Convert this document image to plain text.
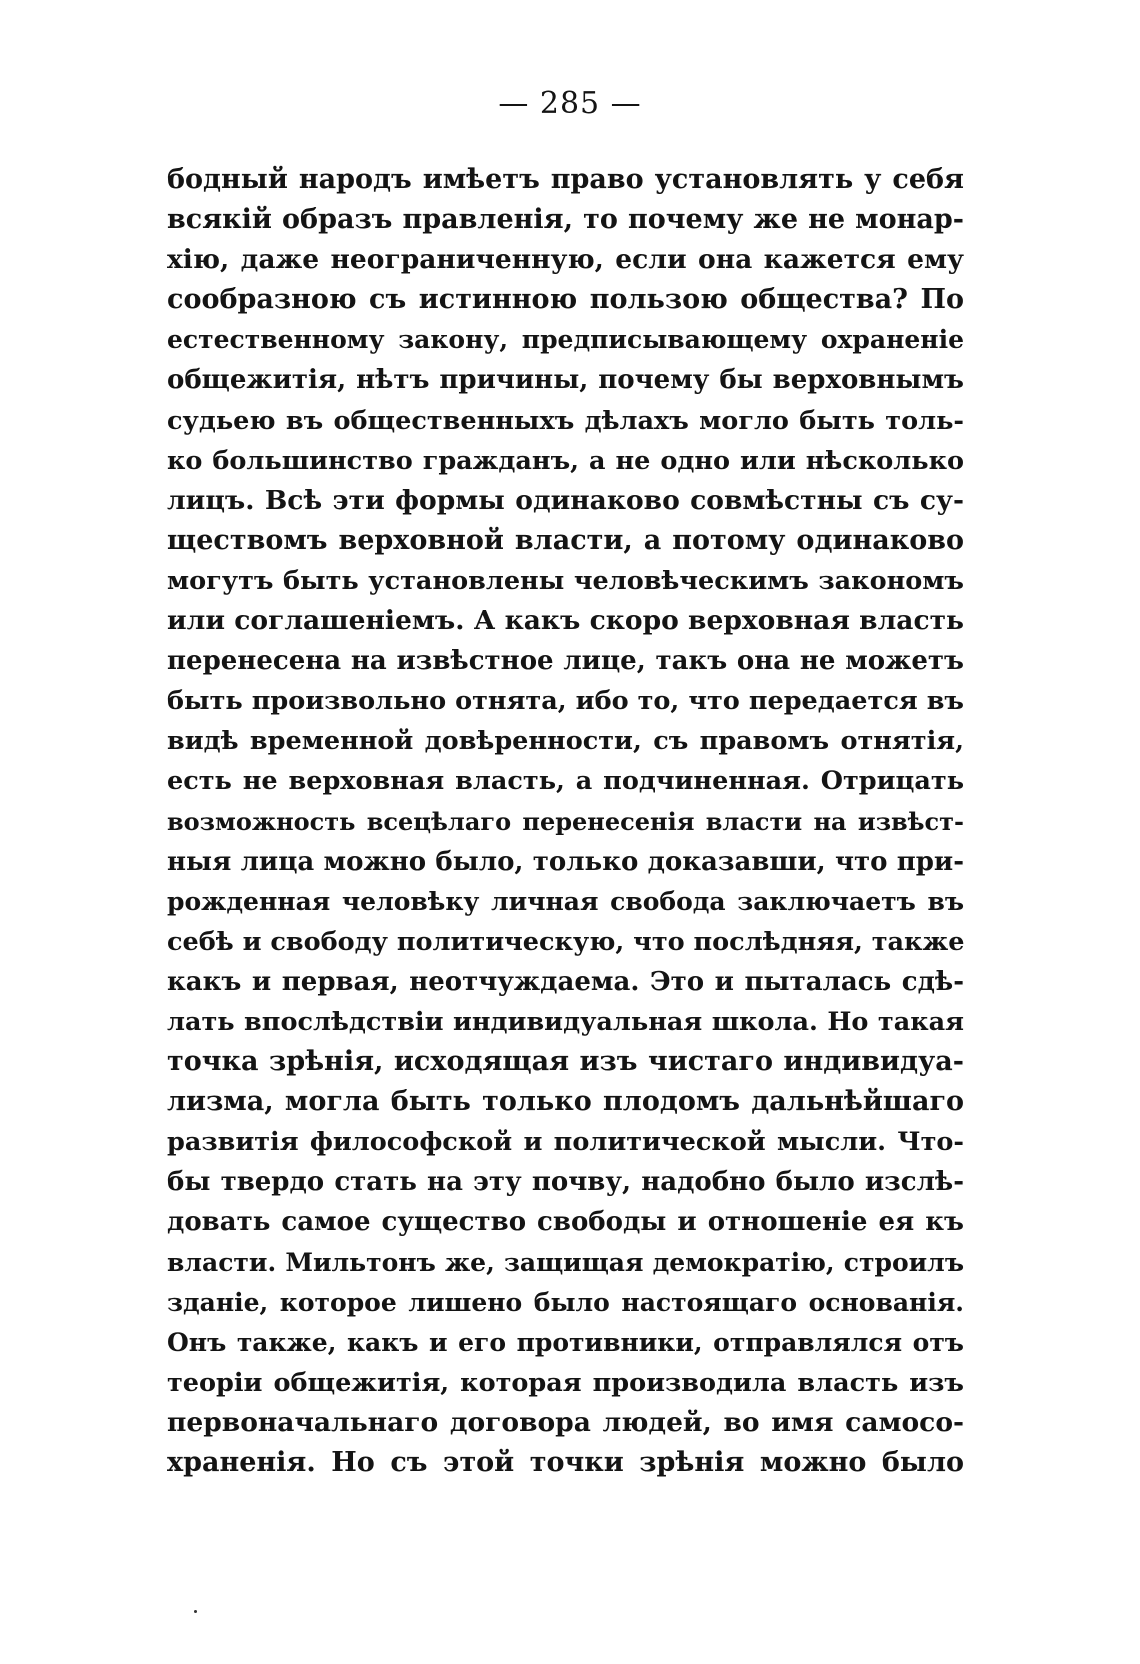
— 285 —
бодный народъ имѣетъ право установлять у себя
всякій образъ правленія, то почему же не монар-
хію, даже неограниченную, если она кажется ему
сообразною съ истинною пользою общества? По
естественному закону, предписывающему охраненіе
общежитія, нѣтъ причины, почему бы верховнымъ
судьею въ общественныхъ дѣлахъ могло быть толь-
ко большинство гражданъ, а не одно или нѣсколько
лицъ. Всѣ эти формы одинаково совмѣстны съ су-
ществомъ верховной власти, а потому одинаково
могутъ быть установлены человѣческимъ закономъ
или соглашеніемъ. А какъ скоро верховная власть
перенесена на извѣстное лице, такъ она не можетъ
быть произвольно отнята, ибо то, что передается въ
видѣ временной довѣренности, съ правомъ отнятія,
есть не верховная власть, а подчиненная. Отрицать
возможность всецѣлаго перенесенія власти на извѣст-
ныя лица можно было, только доказавши, что при-
рожденная человѣку личная свобода заключаетъ въ
себѣ и свободу политическую, что послѣдняя, также
какъ и первая, неотчуждаема. Это и пыталась сдѣ-
лать впослѣдствіи индивидуальная школа. Но такая
точка зрѣнія, исходящая изъ чистаго индивидуа-
лизма, могла быть только плодомъ дальнѣйшаго
развитія философской и политической мысли. Что-
бы твердо стать на эту почву, надобно было изслѣ-
довать самое существо свободы и отношеніе ея къ
власти. Мильтонъ же, защищая демократію, строилъ
зданіе, которое лишено было настоящаго основанія.
Онъ также, какъ и его противники, отправлялся отъ
теоріи общежитія, которая производила власть изъ
первоначальнаго договора людей, во имя самосо-
храненія. Но съ этой точки зрѣнія можно было
